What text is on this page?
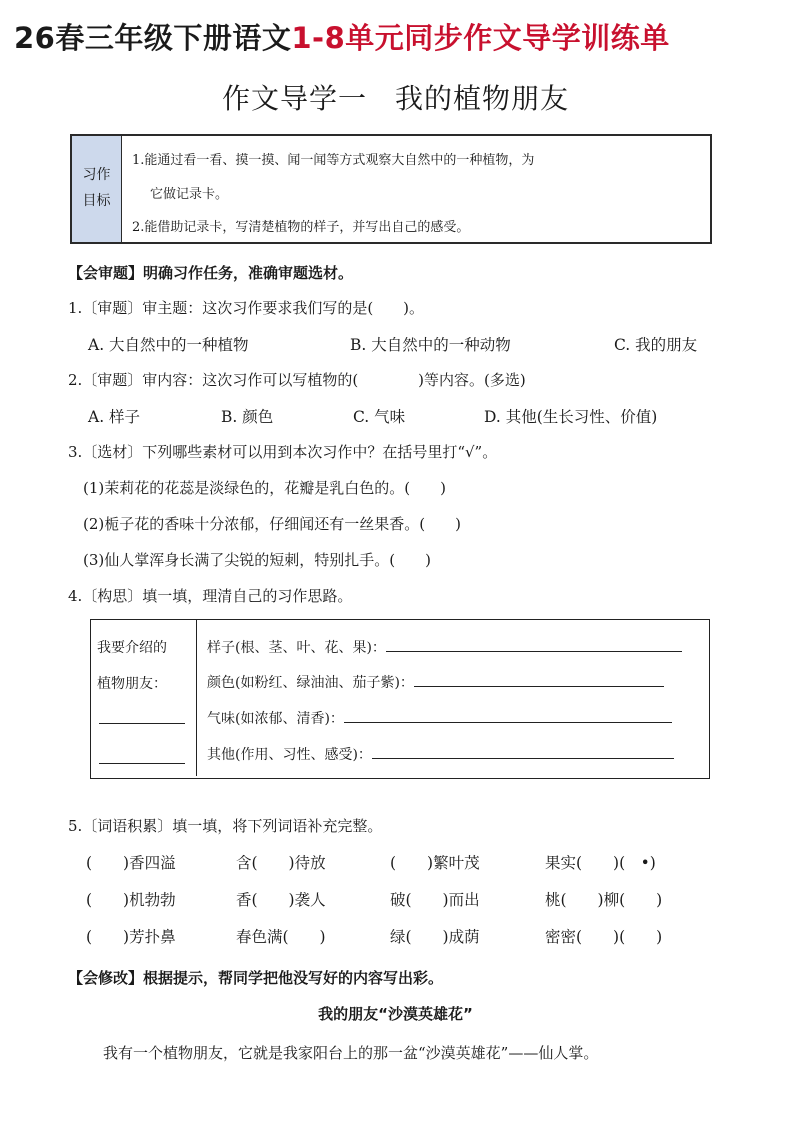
26春三年级下册语文1-8单元同步作文导学训练单
作文导学一 我的植物朋友
习作
目标
1.能通过看一看、摸一摸、闻一闻等方式观察大自然中的一种植物，为
它做记录卡。
2.能借助记录卡，写清楚植物的样子，并写出自己的感受。
【会审题】明确习作任务，准确审题选材。
1.〔审题〕审主题：这次习作要求我们写的是(　　)。
A. 大自然中的一种植物	B. 大自然中的一种动物	C. 我的朋友
2.〔审题〕审内容：这次习作可以写植物的(　　　　)等内容。(多选)
A. 样子	B. 颜色	C. 气味	D. 其他(生长习性、价值)
3.〔选材〕下列哪些素材可以用到本次习作中？在括号里打“√”。
(1)茉莉花的花蕊是淡绿色的，花瓣是乳白色的。(　　)
(2)栀子花的香味十分浓郁，仔细闻还有一丝果香。(　　)
(3)仙人掌浑身长满了尖锐的短刺，特别扎手。(　　)
4.〔构思〕填一填，理清自己的习作思路。
我要介绍的
植物朋友：
样子(根、茎、叶、花、果)：
颜色(如粉红、绿油油、茄子紫)：
气味(如浓郁、清香)：
其他(作用、习性、感受)：
5.〔词语积累〕填一填，将下列词语补充完整。
(　　)香四溢	含(　　)待放	(　　)繁叶茂	果实(　　)(　•)
(　　)机勃勃	香(　　)袭人	破(　　)而出	桃(　　)柳(　　)
(　　)芳扑鼻	春色满(　　)	绿(　　)成荫	密密(　　)(　　)
【会修改】根据提示，帮同学把他没写好的内容写出彩。
我的朋友“沙漠英雄花”
我有一个植物朋友，它就是我家阳台上的那一盆“沙漠英雄花”——仙人掌。
